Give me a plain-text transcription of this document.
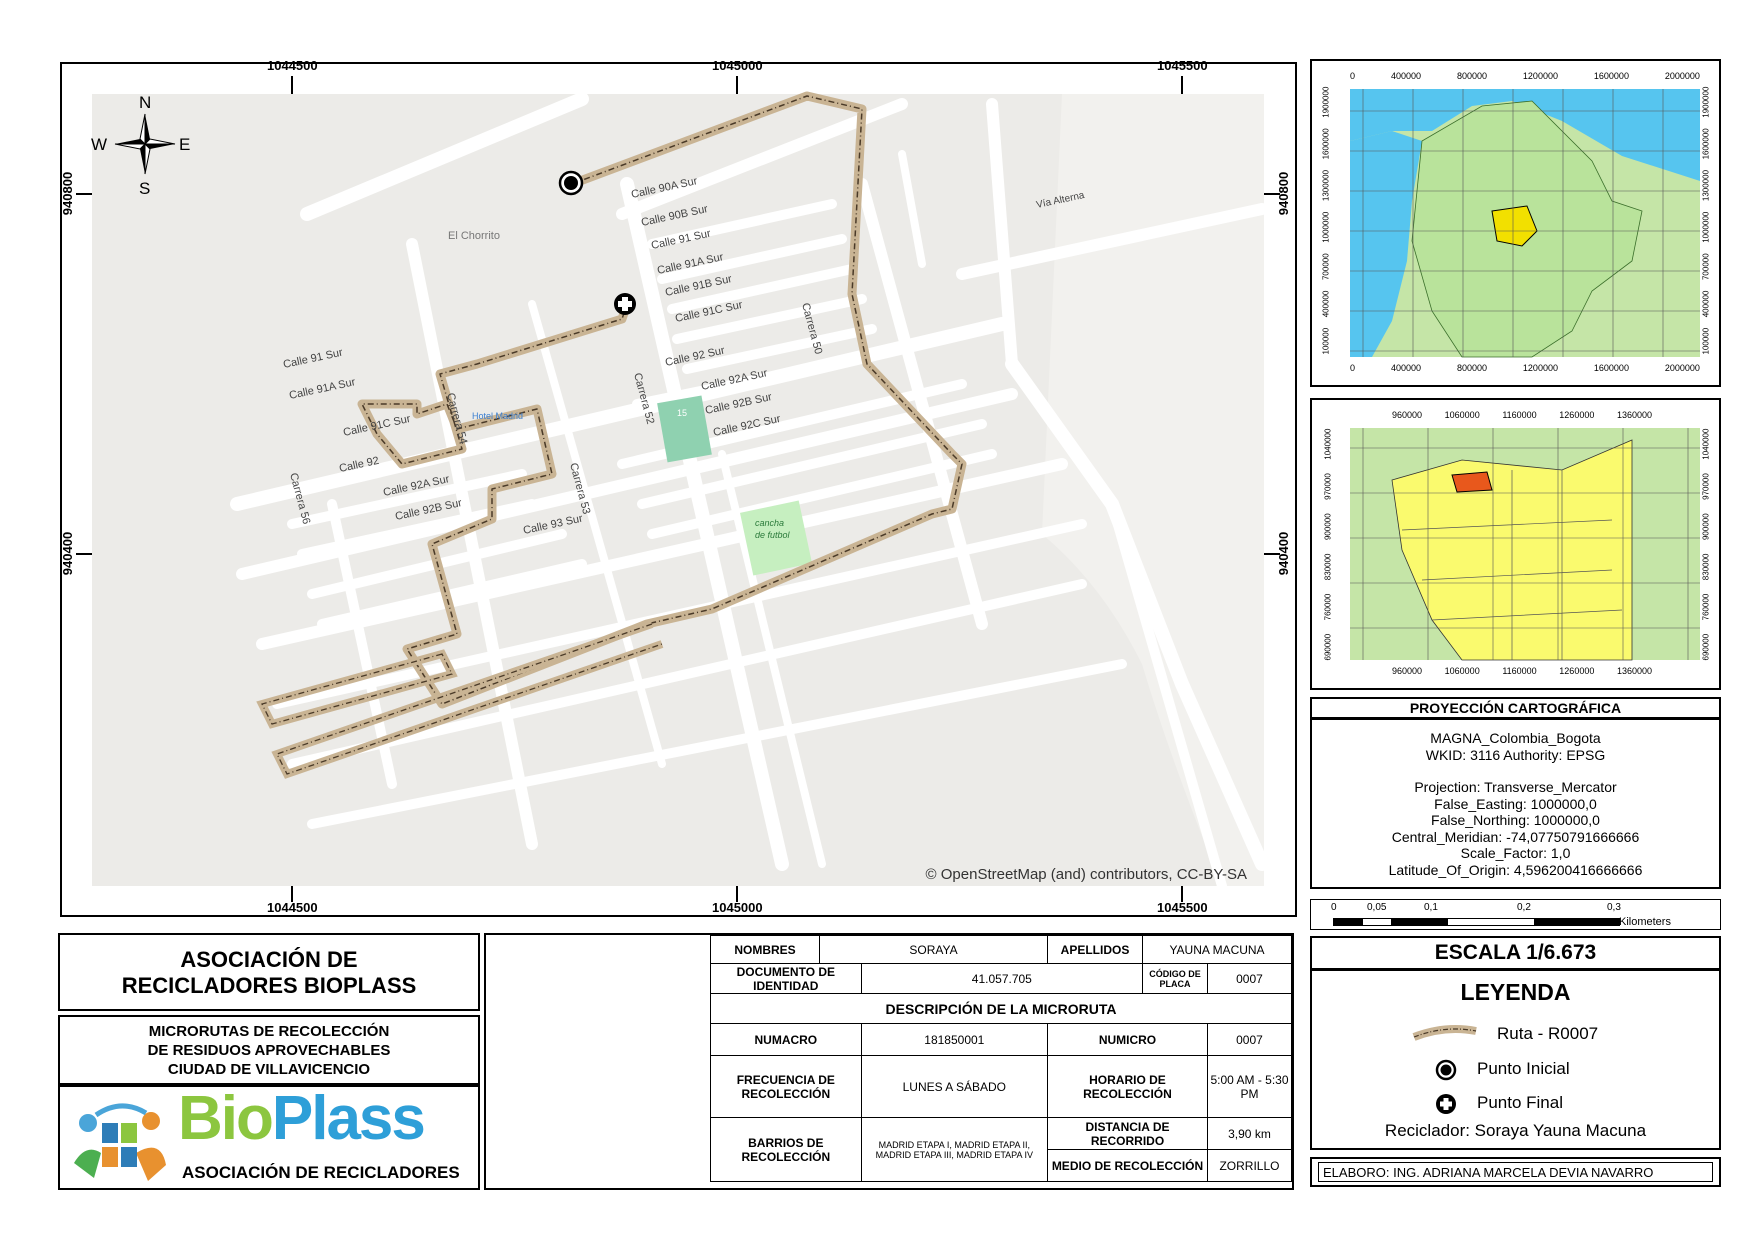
15
cancha
de futbol
Calle 90A Sur
Calle 90B Sur
Calle 91 Sur
Calle 91A Sur
Calle 91B Sur
Calle 91C Sur
Calle 92 Sur
Calle 92A Sur
Calle 92B Sur
Calle 92C Sur
Carrera 50
Carrera 52
Carrera 53
Carrera 54
Carrera 56
Calle 91 Sur
Calle 91A Sur
Calle 91C Sur
Calle 92
Calle 92A Sur
Calle 92B Sur
Calle 93 Sur
El Chorrito
Vía Alterna
Hotel Madrid
N
S
E
W
© OpenStreetMap (and) contributors, CC-BY-SA
1044500	1045000	1045500
1044500	1045000	1045500
940800
940400
940800
940400
0	400000	800000	1200000	1600000	2000000
0	400000	800000	1200000	1600000	2000000
100000
400000
700000
1000000
1300000
1600000
1900000
100000
400000
700000
1000000
1300000
1600000
1900000
960000	1060000	1160000	1260000	1360000
960000	1060000	1160000	1260000	1360000
690000
760000
830000
900000
970000
1040000
690000
760000
830000
900000
970000
1040000
PROYECCIÓN CARTOGRÁFICA
MAGNA_Colombia_Bogota
WKID: 3116 Authority: EPSG
Projection: Transverse_Mercator
False_Easting: 1000000,0
False_Northing: 1000000,0
Central_Meridian: -74,07750791666666
Scale_Factor: 1,0
Latitude_Of_Origin: 4,596200416666666
0	0,05	0,1	0,2	0,3
Kilometers
ESCALA 1/6.673
LEYENDA
Ruta - R0007
Punto Inicial
Punto Final
Reciclador: Soraya Yauna Macuna
ELABORO: ING. ADRIANA MARCELA DEVIA NAVARRO
ASOCIACIÓN DE
RECICLADORES BIOPLASS
MICRORUTAS DE RECOLECCIÓN
DE RESIDUOS APROVECHABLES
CIUDAD DE VILLAVICENCIO
BioPlass
ASOCIACIÓN DE RECICLADORES
NOMBRES	SORAYA		APELLIDOS	YAUNA MACUNA	
DOCUMENTO DE IDENTIDAD		41.057.705		CÓDIGO DE PLACA	0007
DESCRIPCIÓN DE LA MICRORUTA					
NUMACRO		181850001	NUMICRO		0007
FRECUENCIA DE RECOLECCIÓN		LUNES A SÁBADO	HORARIO DE RECOLECCIÓN		5:00 AM - 5:30 PM
BARRIOS DE RECOLECCIÓN		MADRID ETAPA I, MADRID ETAPA II, MADRID ETAPA III, MADRID ETAPA IV	DISTANCIA DE RECORRIDO		3,90 km
			MEDIO DE RECOLECCIÓN		ZORRILLO
